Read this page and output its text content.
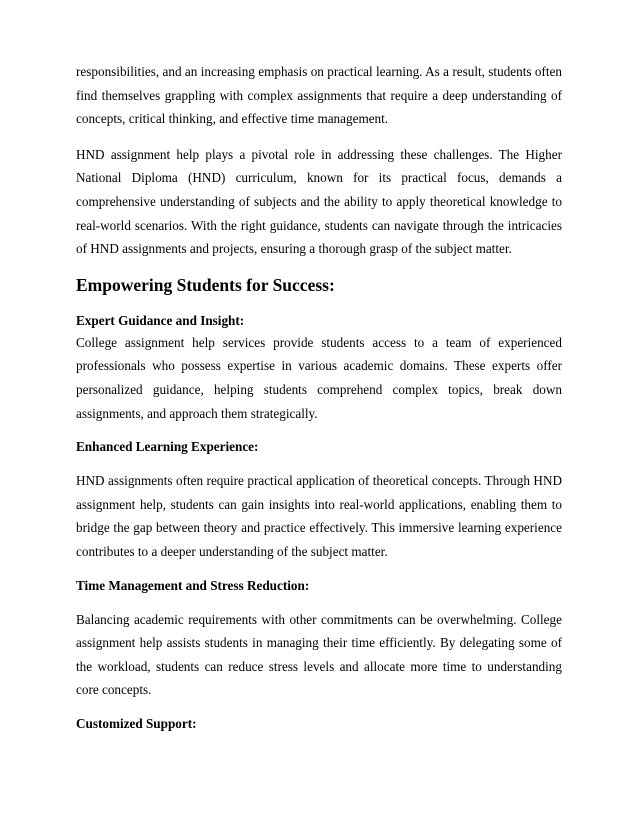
responsibilities, and an increasing emphasis on practical learning. As a result, students often find themselves grappling with complex assignments that require a deep understanding of concepts, critical thinking, and effective time management.

HND assignment help plays a pivotal role in addressing these challenges. The Higher National Diploma (HND) curriculum, known for its practical focus, demands a comprehensive understanding of subjects and the ability to apply theoretical knowledge to real-world scenarios. With the right guidance, students can navigate through the intricacies of HND assignments and projects, ensuring a thorough grasp of the subject matter.

Empowering Students for Success:
Expert Guidance and Insight:

College assignment help services provide students access to a team of experienced professionals who possess expertise in various academic domains. These experts offer personalized guidance, helping students comprehend complex topics, break down assignments, and approach them strategically.

Enhanced Learning Experience:

HND assignments often require practical application of theoretical concepts. Through HND assignment help, students can gain insights into real-world applications, enabling them to bridge the gap between theory and practice effectively. This immersive learning experience contributes to a deeper understanding of the subject matter.

Time Management and Stress Reduction:

Balancing academic requirements with other commitments can be overwhelming. College assignment help assists students in managing their time efficiently. By delegating some of the workload, students can reduce stress levels and allocate more time to understanding core concepts.

Customized Support:
